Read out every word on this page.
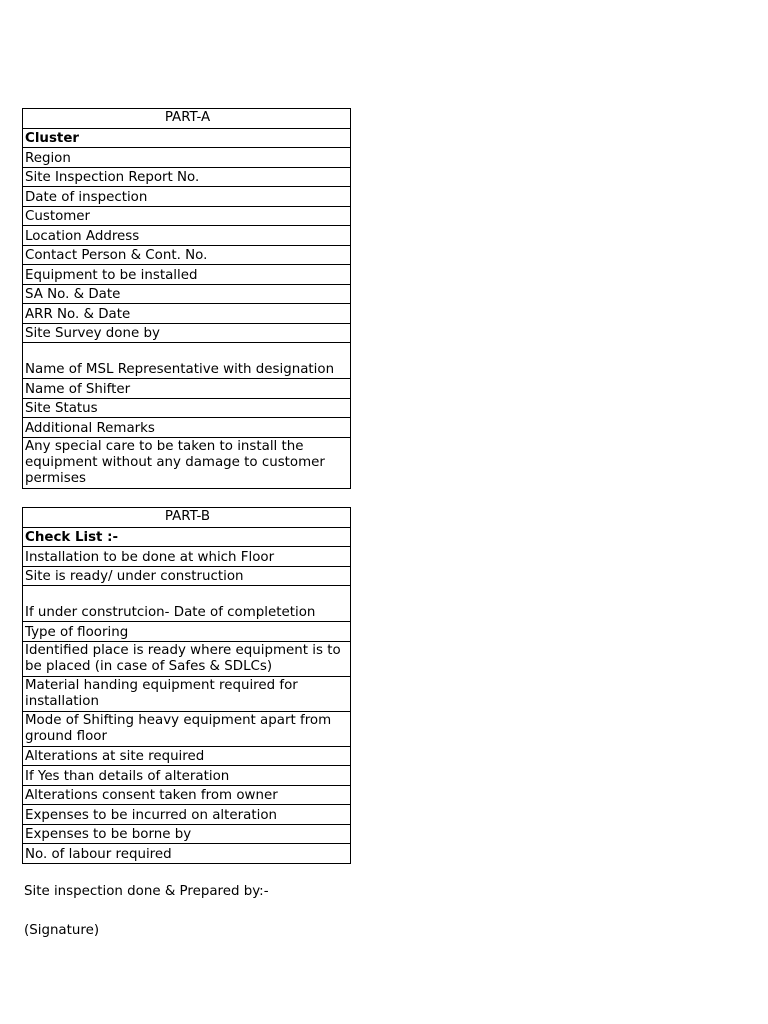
PART-A
Cluster
Region
Site Inspection Report No.
Date of inspection
Customer
Location Address
Contact Person & Cont. No.
Equipment to be installed
SA No. & Date
ARR No. & Date
Site Survey done by
Name of MSL Representative with designation
Name of Shifter
Site Status
Additional Remarks
Any special care to be taken to install the equipment without any damage to customer permises
PART-B
Check List :-
Installation to be done at which Floor
Site is ready/ under construction
If under construtcion- Date of completetion
Type of flooring
Identified place is ready where equipment is to be placed (in case of Safes & SDLCs)
Material handing equipment required for installation
Mode of Shifting heavy equipment apart from ground floor
Alterations at site required
If Yes than details of alteration
Alterations consent taken from owner
Expenses to be incurred on alteration
Expenses to be borne by
No. of labour required
Site inspection done & Prepared by:-
(Signature)
